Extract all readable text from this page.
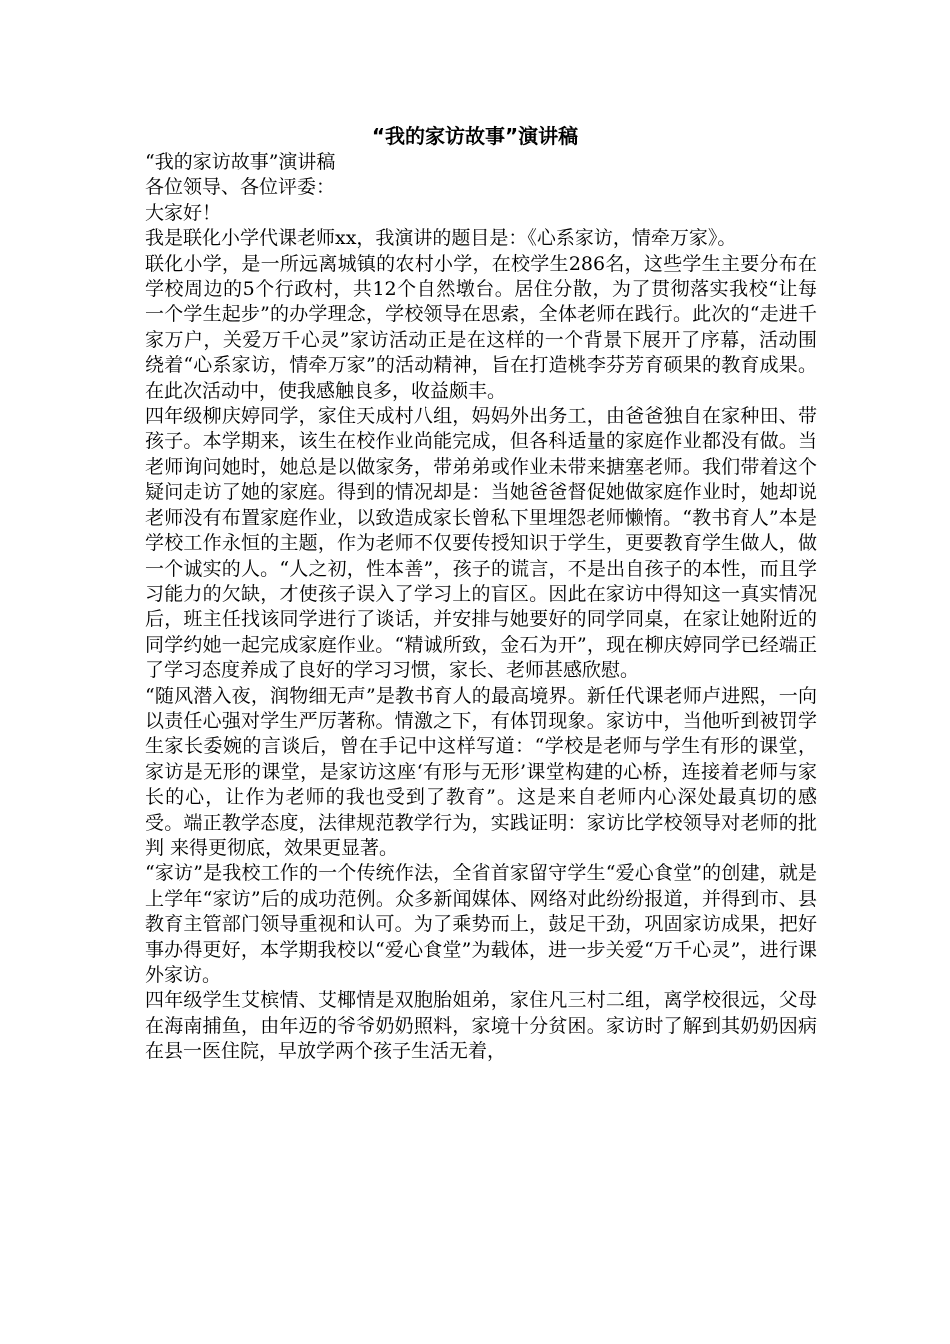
“我的家访故事”演讲稿

“我的家访故事”演讲稿

各位领导、各位评委：

大家好！

我是联化小学代课老师xx，我演讲的题目是：《心系家访，情牵万家》。

联化小学，是一所远离城镇的农村小学，在校学生286名，这些学生主要分布在学校周边的5个行政村，共12个自然墩台。居住分散，为了贯彻落实我校“让每一个学生起步”的办学理念，学校领导在思索，全体老师在践行。此次的“走进千家万户，关爱万千心灵”家访活动正是在这样的一个背景下展开了序幕，活动围绕着“心系家访，情牵万家”的活动精神，旨在打造桃李芬芳育硕果的教育成果。在此次活动中，使我感触良多，收益颇丰。

四年级柳庆婷同学，家住天成村八组，妈妈外出务工，由爸爸独自在家种田、带孩子。本学期来，该生在校作业尚能完成，但各科适量的家庭作业都没有做。当老师询问她时，她总是以做家务，带弟弟或作业未带来搪塞老师。我们带着这个疑问走访了她的家庭。得到的情况却是：当她爸爸督促她做家庭作业时，她却说老师没有布置家庭作业，以致造成家长曾私下里埋怨老师懒惰。“教书育人”本是学校工作永恒的主题，作为老师不仅要传授知识于学生，更要教育学生做人，做一个诚实的人。“人之初，性本善”，孩子的谎言，不是出自孩子的本性，而且学习能力的欠缺，才使孩子误入了学习上的盲区。因此在家访中得知这一真实情况后，班主任找该同学进行了谈话，并安排与她要好的同学同桌，在家让她附近的同学约她一起完成家庭作业。“精诚所致，金石为开”，现在柳庆婷同学已经端正了学习态度养成了良好的学习习惯，家长、老师甚感欣慰。

“随风潜入夜，润物细无声”是教书育人的最高境界。新任代课老师卢进熙，一向以责任心强对学生严厉著称。情激之下，有体罚现象。家访中，当他听到被罚学生家长委婉的言谈后，曾在手记中这样写道：“学校是老师与学生有形的课堂，家访是无形的课堂，是家访这座‘有形与无形’课堂构建的心桥，连接着老师与家长的心，让作为老师的我也受到了教育”。这是来自老师内心深处最真切的感受。端正教学态度，法律规范教学行为，实践证明：家访比学校领导对老师的批判 来得更彻底，效果更显著。

“家访”是我校工作的一个传统作法，全省首家留守学生“爱心食堂”的创建，就是上学年“家访”后的成功范例。众多新闻媒体、网络对此纷纷报道，并得到市、县教育主管部门领导重视和认可。为了乘势而上，鼓足干劲，巩固家访成果，把好事办得更好，本学期我校以“爱心食堂”为载体，进一步关爱“万千心灵”，进行课外家访。

四年级学生艾槟情、艾椰情是双胞胎姐弟，家住凡三村二组，离学校很远，父母在海南捕鱼，由年迈的爷爷奶奶照料，家境十分贫困。家访时了解到其奶奶因病在县一医住院，早放学两个孩子生活无着，
